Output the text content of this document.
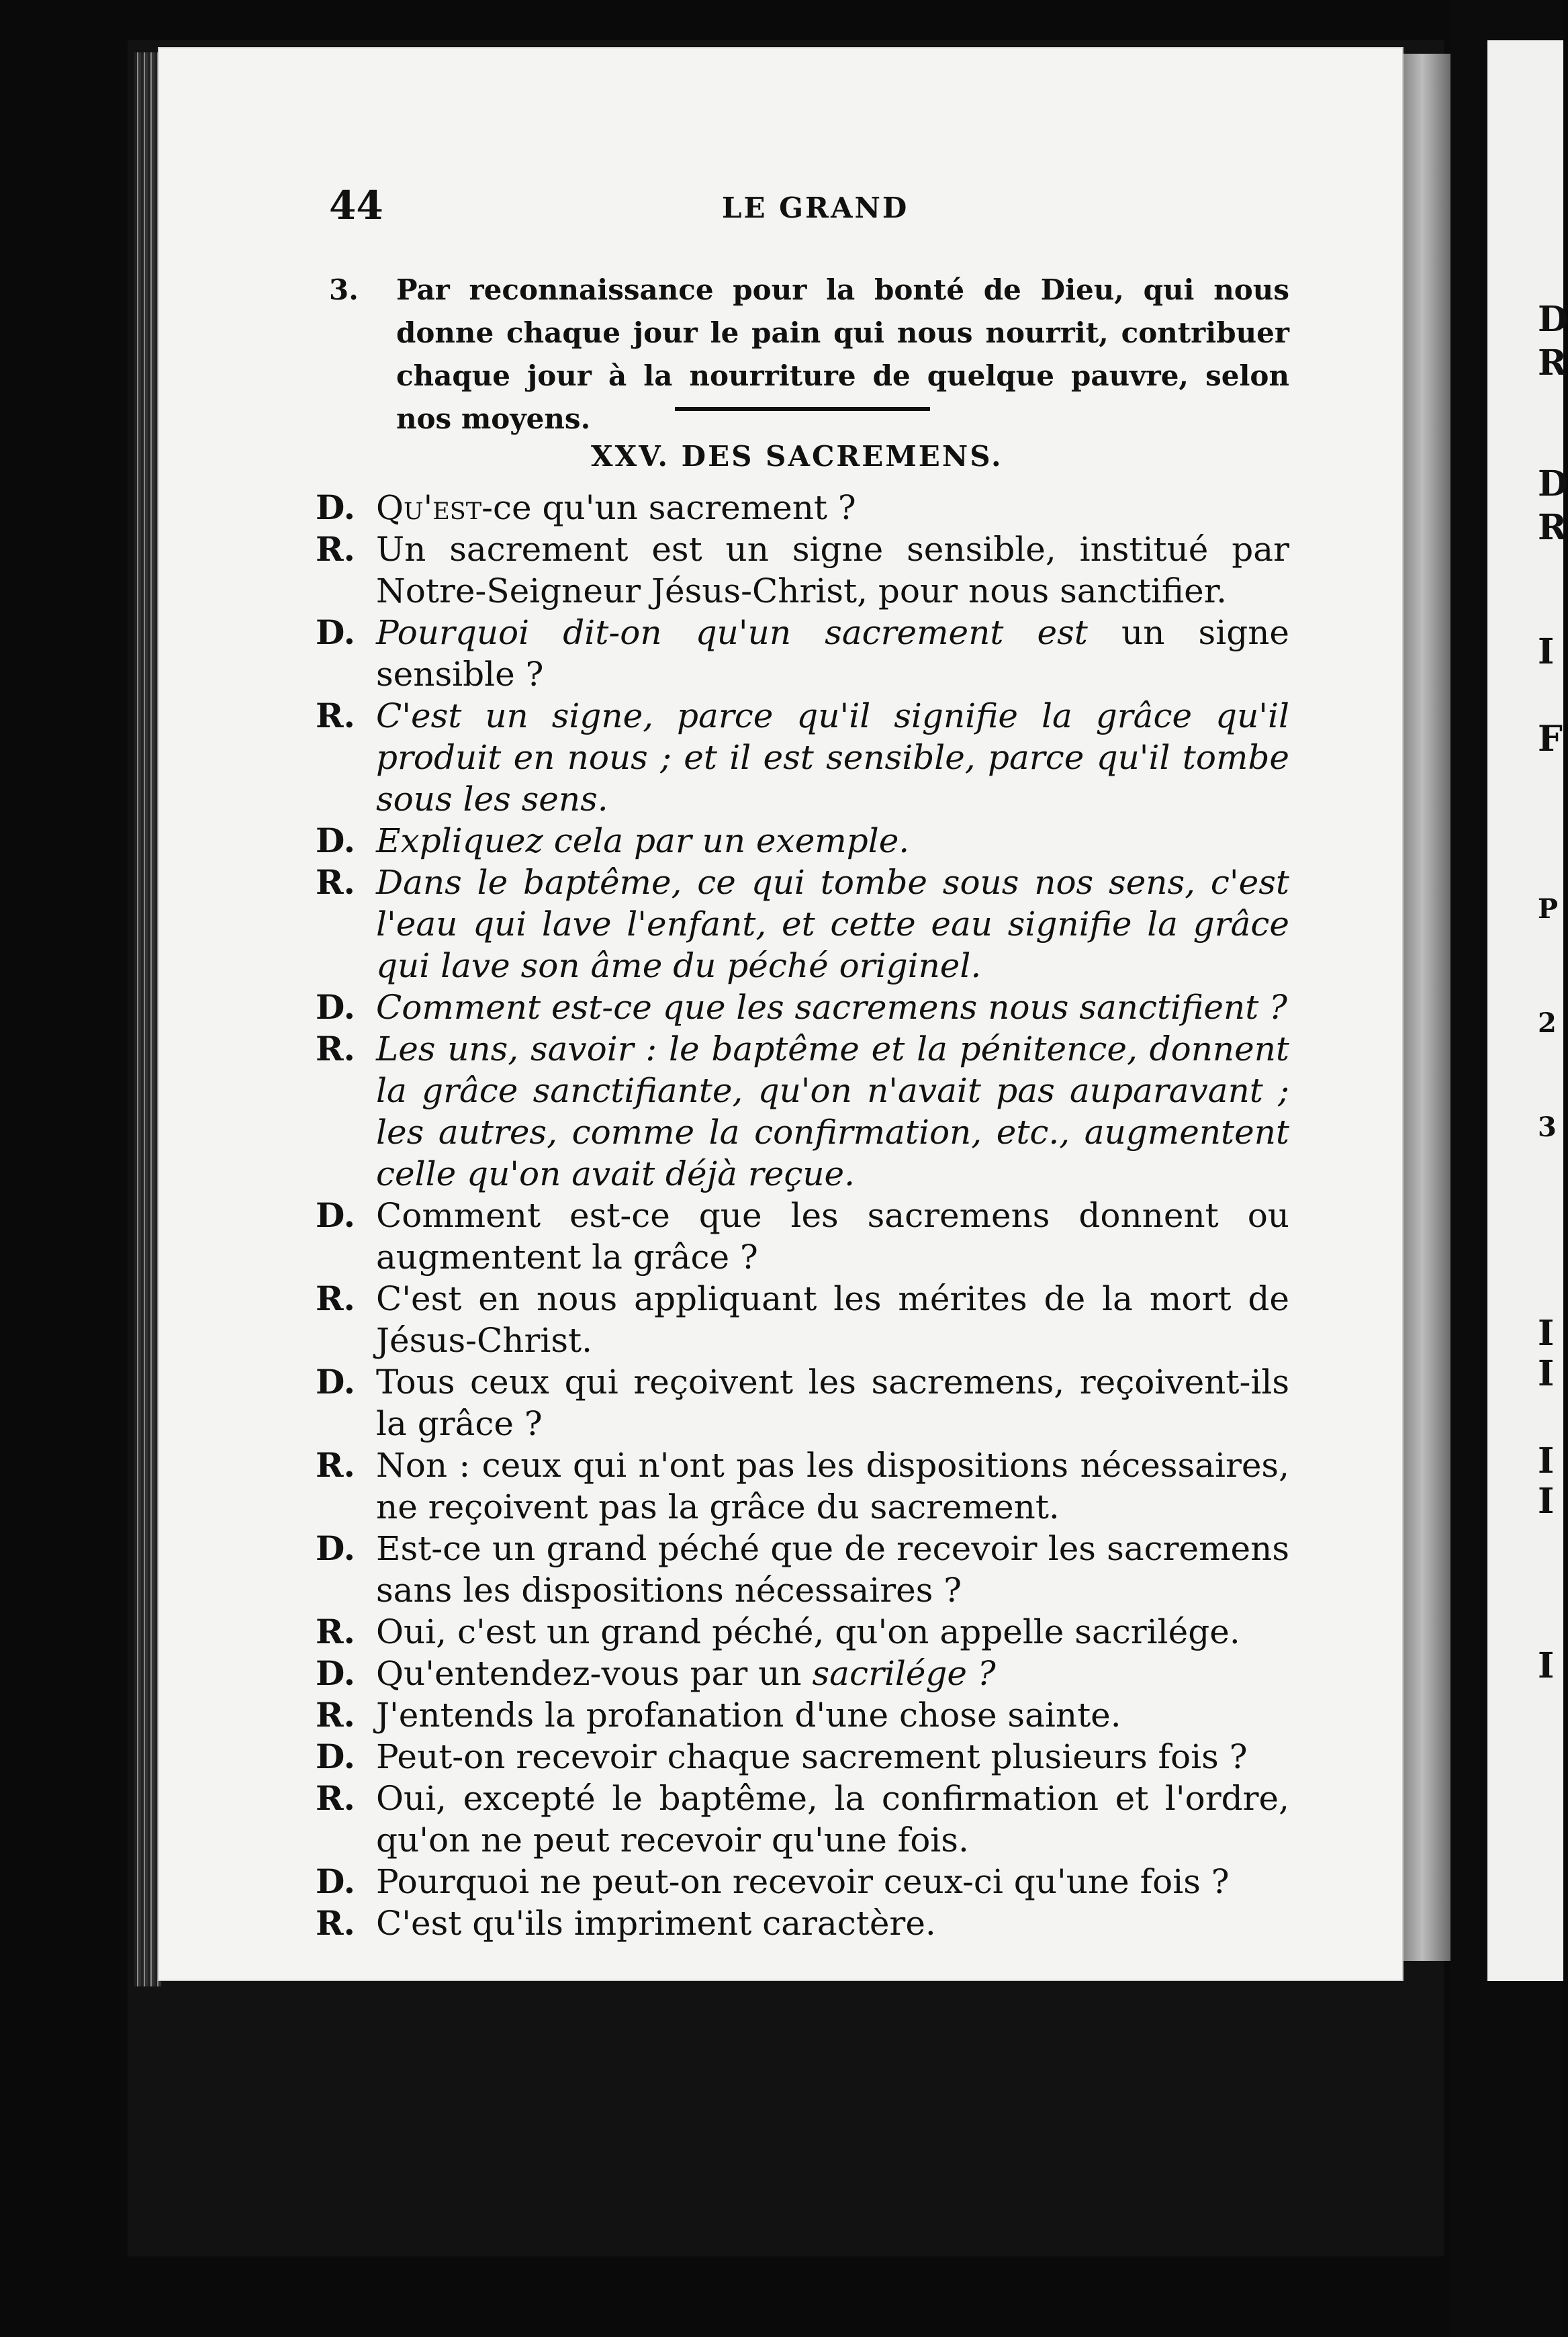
D
R
D
R
I
F
P
2
3
I
I
I
I
I
44	LE GRAND
3. Par reconnaissance pour la bonté de Dieu, qui nous donne chaque jour le pain qui nous nourrit, contribuer chaque jour à la nourriture de quelque pauvre, selon nos moyens.
XXV. DES SACREMENS.
D. Qu'est-ce qu'un sacrement ?
R. Un sacrement est un signe sensible, institué par Notre-Seigneur Jésus-Christ, pour nous sanctifier.
D. Pourquoi dit-on qu'un sacrement est un signe sensible ?
R. C'est un signe, parce qu'il signifie la grâce qu'il produit en nous ; et il est sensible, parce qu'il tombe sous les sens.
D. Expliquez cela par un exemple.
R. Dans le baptême, ce qui tombe sous nos sens, c'est l'eau qui lave l'enfant, et cette eau signifie la grâce qui lave son âme du péché originel.
D. Comment est-ce que les sacremens nous sanctifient ?
R. Les uns, savoir : le baptême et la pénitence, donnent la grâce sanctifiante, qu'on n'avait pas auparavant ; les autres, comme la confirmation, etc., augmentent celle qu'on avait déjà reçue.
D. Comment est-ce que les sacremens donnent ou augmentent la grâce ?
R. C'est en nous appliquant les mérites de la mort de Jésus-Christ.
D. Tous ceux qui reçoivent les sacremens, reçoivent-ils la grâce ?
R. Non : ceux qui n'ont pas les dispositions nécessaires, ne reçoivent pas la grâce du sacrement.
D. Est-ce un grand péché que de recevoir les sacremens sans les dispositions nécessaires ?
R. Oui, c'est un grand péché, qu'on appelle sacrilége.
D. Qu'entendez-vous par un sacrilége ?
R. J'entends la profanation d'une chose sainte.
D. Peut-on recevoir chaque sacrement plusieurs fois ?
R. Oui, excepté le baptême, la confirmation et l'ordre, qu'on ne peut recevoir qu'une fois.
D. Pourquoi ne peut-on recevoir ceux-ci qu'une fois ?
R. C'est qu'ils impriment caractère.
